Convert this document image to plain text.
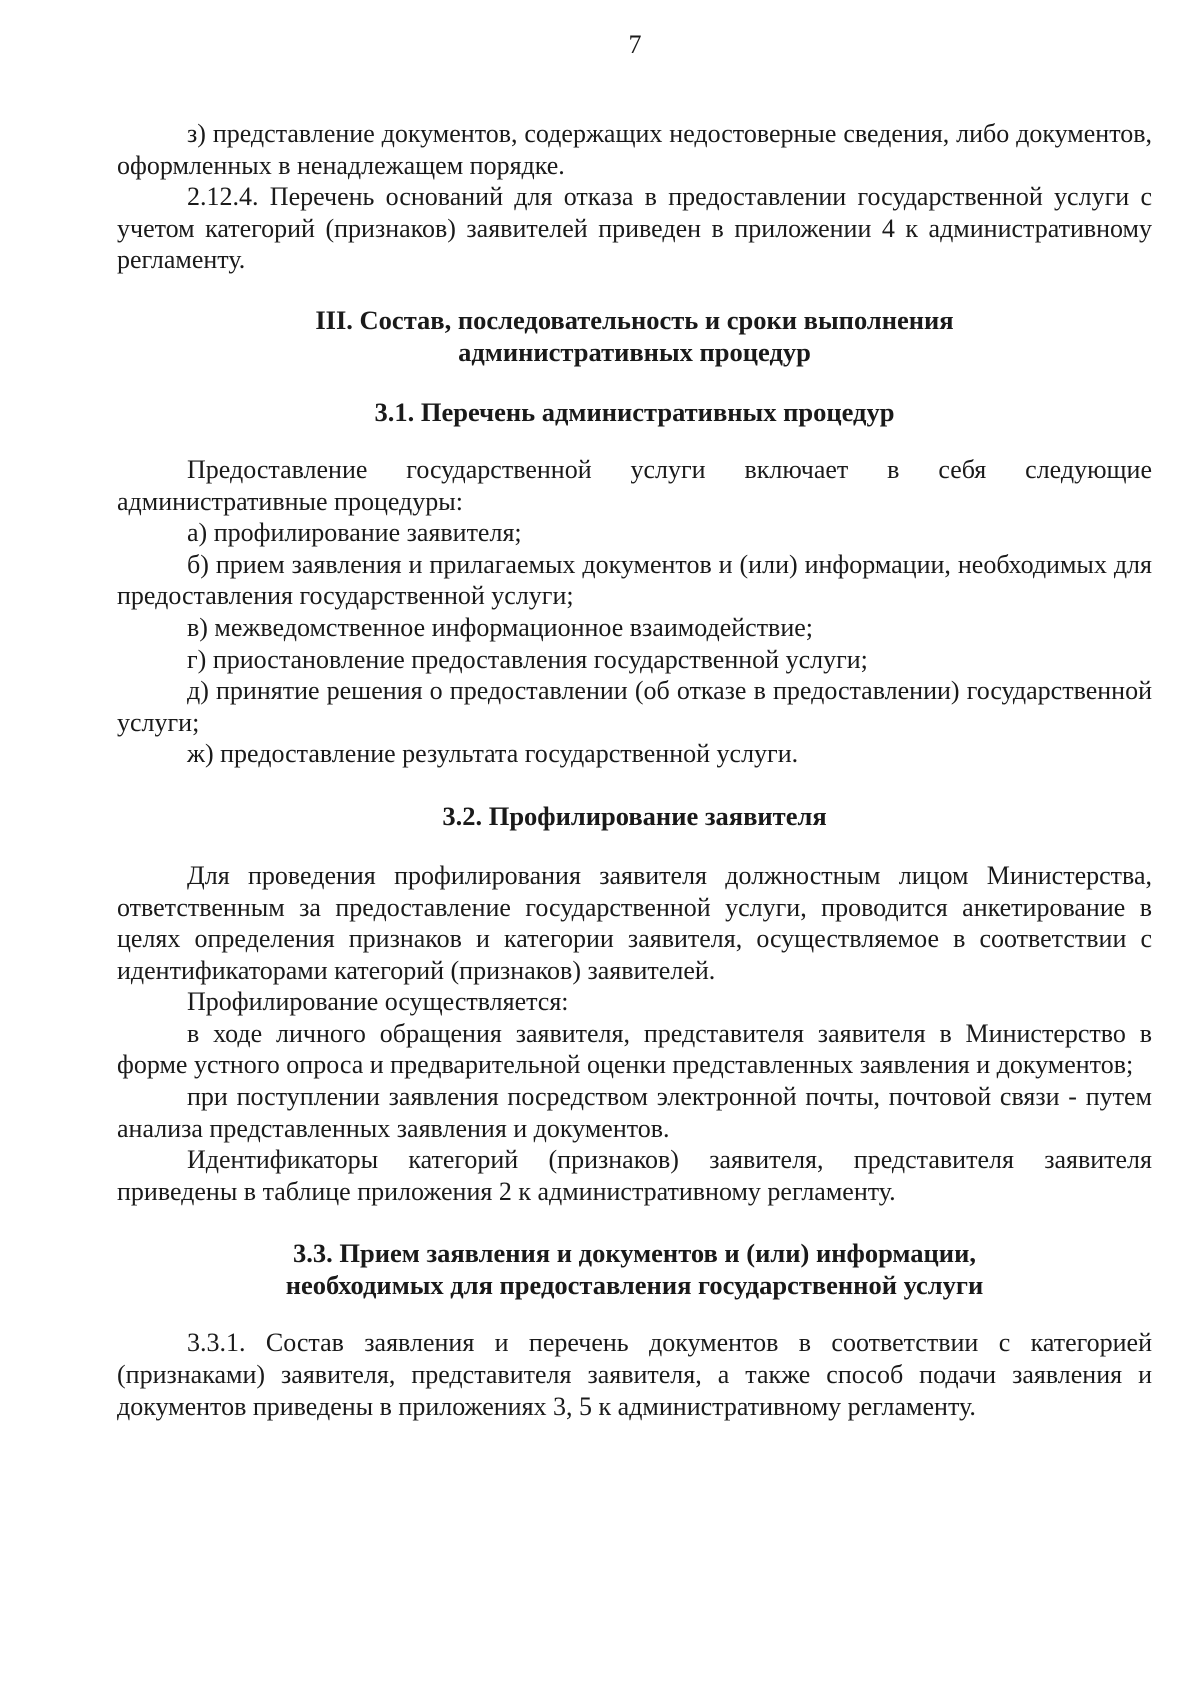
7

з) представление документов, содержащих недостоверные сведения, либо документов, оформленных в ненадлежащем порядке.

2.12.4. Перечень оснований для отказа в предоставлении государственной услуги с учетом категорий (признаков) заявителей приведен в приложении 4 к административному регламенту.

III. Состав, последовательность и сроки выполнения
административных процедур
3.1. Перечень административных процедур

Предоставление государственной услуги включает в себя следующие административные процедуры:

а) профилирование заявителя;

б) прием заявления и прилагаемых документов и (или) информации, необходимых для предоставления государственной услуги;

в) межведомственное информационное взаимодействие;

г) приостановление предоставления государственной услуги;

д) принятие решения о предоставлении (об отказе в предоставлении) государственной услуги;

ж) предоставление результата государственной услуги.

3.2. Профилирование заявителя

Для проведения профилирования заявителя должностным лицом Министерства, ответственным за предоставление государственной услуги, проводится анкетирование в целях определения признаков и категории заявителя, осуществляемое в соответствии с идентификаторами категорий (признаков) заявителей.

Профилирование осуществляется:

в ходе личного обращения заявителя, представителя заявителя в Министерство в форме устного опроса и предварительной оценки представленных заявления и документов;

при поступлении заявления посредством электронной почты, почтовой связи - путем анализа представленных заявления и документов.

Идентификаторы категорий (признаков) заявителя, представителя заявителя приведены в таблице приложения 2 к административному регламенту.

3.3. Прием заявления и документов и (или) информации,
необходимых для предоставления государственной услуги

3.3.1. Состав заявления и перечень документов в соответствии с категорией (признаками) заявителя, представителя заявителя, а также способ подачи заявления и документов приведены в приложениях 3, 5 к административному регламенту.
